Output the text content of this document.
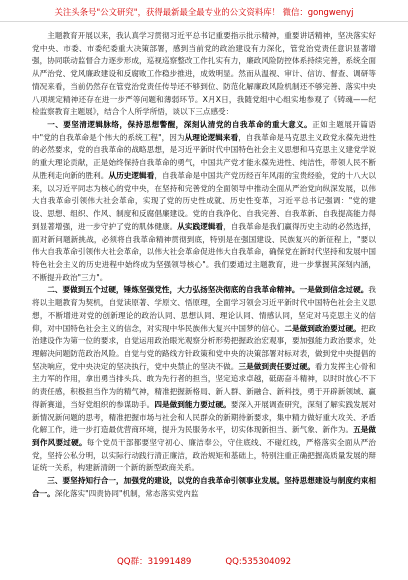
关注头条号"公文研究"，获得最新最全最专业的公文资料库！ 微信：gongwenyj

主题教育开展以来，我认真学习贯彻习近平总书记重要指示批示精神，重要讲话精神，坚决落实好党中央、市委、市委纪委重大决策部署，感到当前党的政治建设有力深化，管党治党责任意识显著增强，协同联动监督合力逐步形成，巡视巡察整改工作扎实有力，廉政风险防控体系持续完善，系统全面从严治党、党风廉政建设和反腐败工作稳步推进，成效明显。然而从温视、审计、信访、督查、调研等情况来看，当前仍然存在管党治党责任传导还不够到位、防范化解廉政风险机制还不够完善、落实中央八项规定精神还存在进一步严等问题和薄弱环节。X月X日，我随党组中心组实地参观了《铸魂——纪检监察教育主题展》，结合个人所学所悟，谈以下三点感受：

一、要坚清逻辑脉络，保持思想警醒，深刻认清党的自我革命的重大意义。正如主题展开篇语中"党的自我革命是个伟大的系统工程"，因为从理论逻辑来看，自我革命是马克思主义政党永葆先进性的必然要求，党的自我革命的战略思想，是习近平新时代中国特色社会主义思想和马克思主义建党学说的重大理论贡献，正是始终保持自我革命的勇气，中国共产党才能永葆先进性、纯洁性，带领人民不断从胜利走向新的胜利。从历史逻辑看，自我革命是中国共产党历经百年风雨的宝贵经验，党的十八大以来，以习近平同志为核心的党中央，在坚持和完善党的全面领导中推动全面从严治党向纵深发展，以伟大自我革命引领伟大社会革命，实现了党的历史性成就、历史性变革，习近平总书记强调："党的建设、思想、组织、作风、制度和反腐倡廉建设。党的自我净化、自我完善、自我革新、自我提高能力得到显著增强，进一步守护了党的肌体健康。从实践逻辑看，自我革命是我们赢得历史主动的必然选择，面对新问题新挑战，必须将自我革命精神贯彻到底，特别是在强国建设、民族复兴的新征程上，"要以伟大自我革命引领伟大社会革命，以伟大社会革命促进伟大自我革命，确保党在新时代坚持和发展中国特色社会主义的历史进程中始终成为坚强领导核心"。我们要通过主题教育，进一步掌握其深刻内涵，不断提升政治"三力"。

二、要做到五个过硬，锤炼坚强党性，大力弘扬坚决彻底的自我革命精神。一是做到信念过硬。我将以主题教育为契机，自觉读原著、学原文、悟原理，全面学习领会习近平新时代中国特色社会主义思想，不断增进对党的创新理论的政治认同、思想认同、理论认同、情感认同，坚定对马克思主义的信仰，对中国特色社会主义的信念，对实现中华民族伟大复兴中国梦的信心。二是做到政治要过硬。把政治建设作为第一位的要求，自觉运用政治眼光观察分析形势把握政治宏观事，要加强能力政治要求，处理解决问题防范政治风险。自觉与党的路线方针政策和党中央的决策部署对标对表，做到党中央提倡的坚决响应，党中央决定的坚决执行，党中央禁止的坚决不做。三是做到责任要过硬。看力发挥主心骨和主力军的作用，拿出勇当排头兵、敢为先行者的担当，坚定追求卓越，砥砺奋斗精神，以时时放心不下的责任感，积极担当作为的精气神，精准把握新格局、新人群、新融合、新科技，勇于开辟新领域、赢得新赛道，当好党组织的参谋助手。四是做到能力要过硬。要深入开展调查研究，深刻了解实践发展对新情况新问题的思考，精准把握市场与社会和人民群众的新期待新要求，集中精力做好重大攻关、矛盾化解工作，进一步打造最优营商环境，提升为民服务水平，切实体现新担当、新气象、新作为。五是做到作风要过硬。每个党员干部都要坚守初心、廉洁奉公，守住底线、不碰红线，严格落实全面从严治党，坚持公私分明，以实际行动践行清正廉洁，政治规矩和基础上，特别注重正确把握高质量发展的辩证统一关系，构建新清朗一个新的新型政商关系。

三、要坚持知行合一，加强党的建设，以党的自我革命引领事业发展。坚持思想建设与制度约束相合一。深化落实"四责协同"机制，常态落实党内监

QQ群：31991489	QQ:535304092
